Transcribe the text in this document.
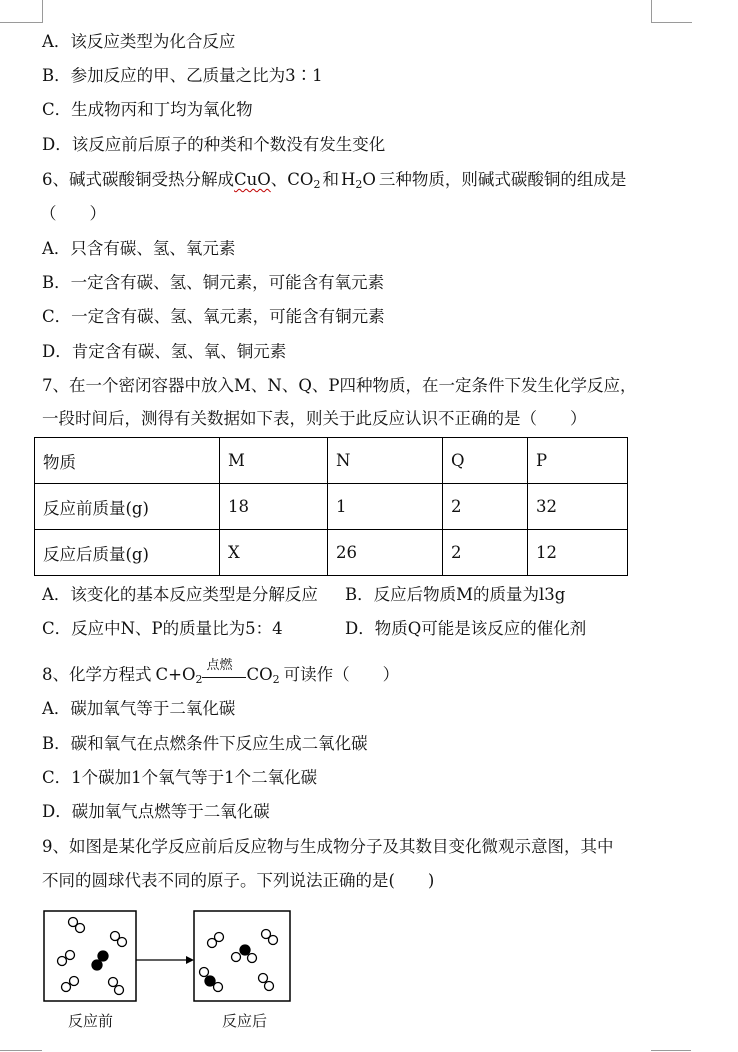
A．该反应类型为化合反应
B．参加反应的甲、乙质量之比为3∶1
C．生成物丙和丁均为氧化物
D．该反应前后原子的种类和个数没有发生变化
6、碱式碳酸铜受热分解成CuO、$CO_2$ 和 $H_2O$ 三种物质，则碱式碳酸铜的组成是
（　　）
A．只含有碳、氢、氧元素
B．一定含有碳、氢、铜元素，可能含有氧元素
C．一定含有碳、氢、氧元素，可能含有铜元素
D．肯定含有碳、氢、氧、铜元素
7、在一个密闭容器中放入M、N、Q、P四种物质，在一定条件下发生化学反应，
一段时间后，测得有关数据如下表，则关于此反应认识不正确的是（　　）
物质	M	N	Q	P
反应前质量(g)	18	1	2	32
反应后质量(g)	X	26	2	12
A．该变化的基本反应类型是分解反应 B．反应后物质M的质量为l3g
C．反应中N、P的质量比为5：4	D．物质Q可能是该反应的催化剂
8、化学方程式 $C+O_2$
点燃 $CO_2$ 可读作（　　）
A．碳加氧气等于二氧化碳
B．碳和氧气在点燃条件下反应生成二氧化碳
C．1个碳加1个氧气等于1个二氧化碳
D．碳加氧气点燃等于二氧化碳
9、如图是某化学反应前后反应物与生成物分子及其数目变化微观示意图，其中
不同的圆球代表不同的原子。下列说法正确的是(　　)
反应前	反应后
